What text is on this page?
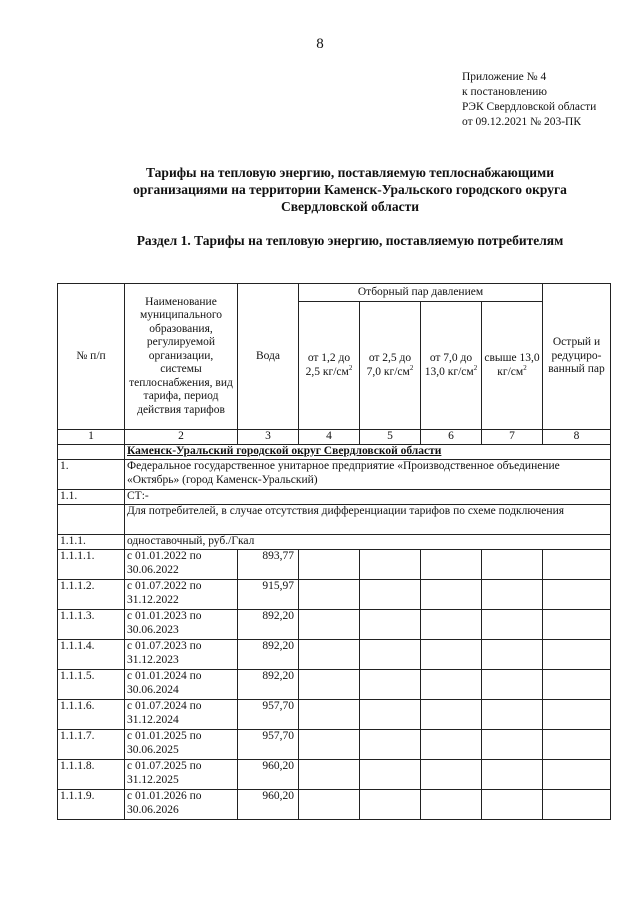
8
Приложение № 4
к постановлению
РЭК Свердловской области
от 09.12.2021 № 203-ПК
Тарифы на тепловую энергию, поставляемую теплоснабжающими
организациями на территории Каменск-Уральского городского округа
Свердловской области
Раздел 1. Тарифы на тепловую энергию, поставляемую потребителям
№ п/п	Наименование муниципального образования, регулируемой организации, системы теплоснабжения, вид тарифа, период действия тарифов	Вода	Отборный пар давлением				Острый и редуциро-ванный пар
			от 1,2 до 2,5 $кг/см^2$	от 2,5 до 7,0 $кг/см^2$	от 7,0 до 13,0 $кг/см^2$	свыше 13,0 $кг/см^2$
1	2	3	4	5	6	7	8
	Каменск-Уральский городской округ Свердловской области						
1.	Федеральное государственное унитарное предприятие «Производственное объединение «Октябрь» (город Каменск-Уральский)						
1.1.	СТ:-						
	Для потребителей, в случае отсутствия дифференциации тарифов по схеме подключения						
1.1.1.	одноставочный, руб./Гкал						
1.1.1.1.	с 01.01.2022 по 30.06.2022	893,77					
1.1.1.2.	с 01.07.2022 по 31.12.2022	915,97					
1.1.1.3.	с 01.01.2023 по 30.06.2023	892,20					
1.1.1.4.	с 01.07.2023 по 31.12.2023	892,20					
1.1.1.5.	с 01.01.2024 по 30.06.2024	892,20					
1.1.1.6.	с 01.07.2024 по 31.12.2024	957,70					
1.1.1.7.	с 01.01.2025 по 30.06.2025	957,70					
1.1.1.8.	с 01.07.2025 по 31.12.2025	960,20					
1.1.1.9.	с 01.01.2026 по 30.06.2026	960,20					
